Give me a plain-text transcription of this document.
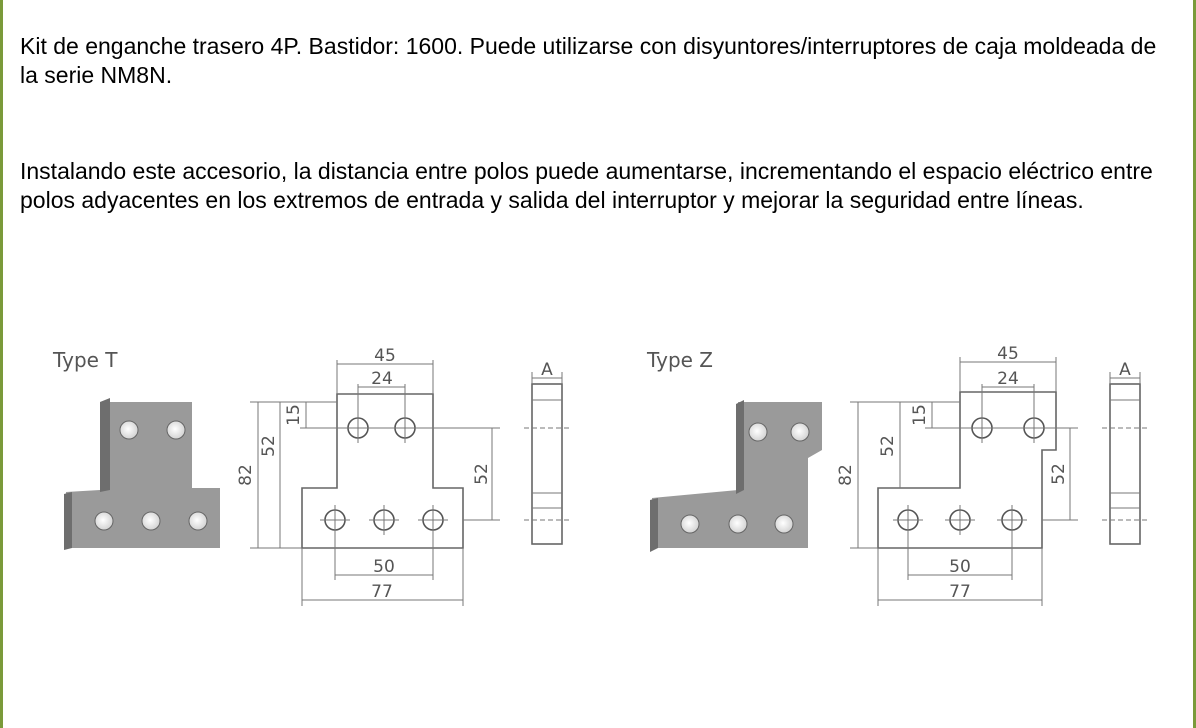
Kit de enganche trasero 4P. Bastidor: 1600. Puede utilizarse con disyuntores/interruptores de caja moldeada de la serie NM8N.

Instalando este accesorio, la distancia entre polos puede aumentarse, incrementando el espacio eléctrico entre polos adyacentes en los extremos de entrada y salida del interruptor y mejorar la seguridad entre líneas.

Type T	45
24
15
52
82	52
50
77
A	Type Z	45
24
15
52
82	52
50
77
A
